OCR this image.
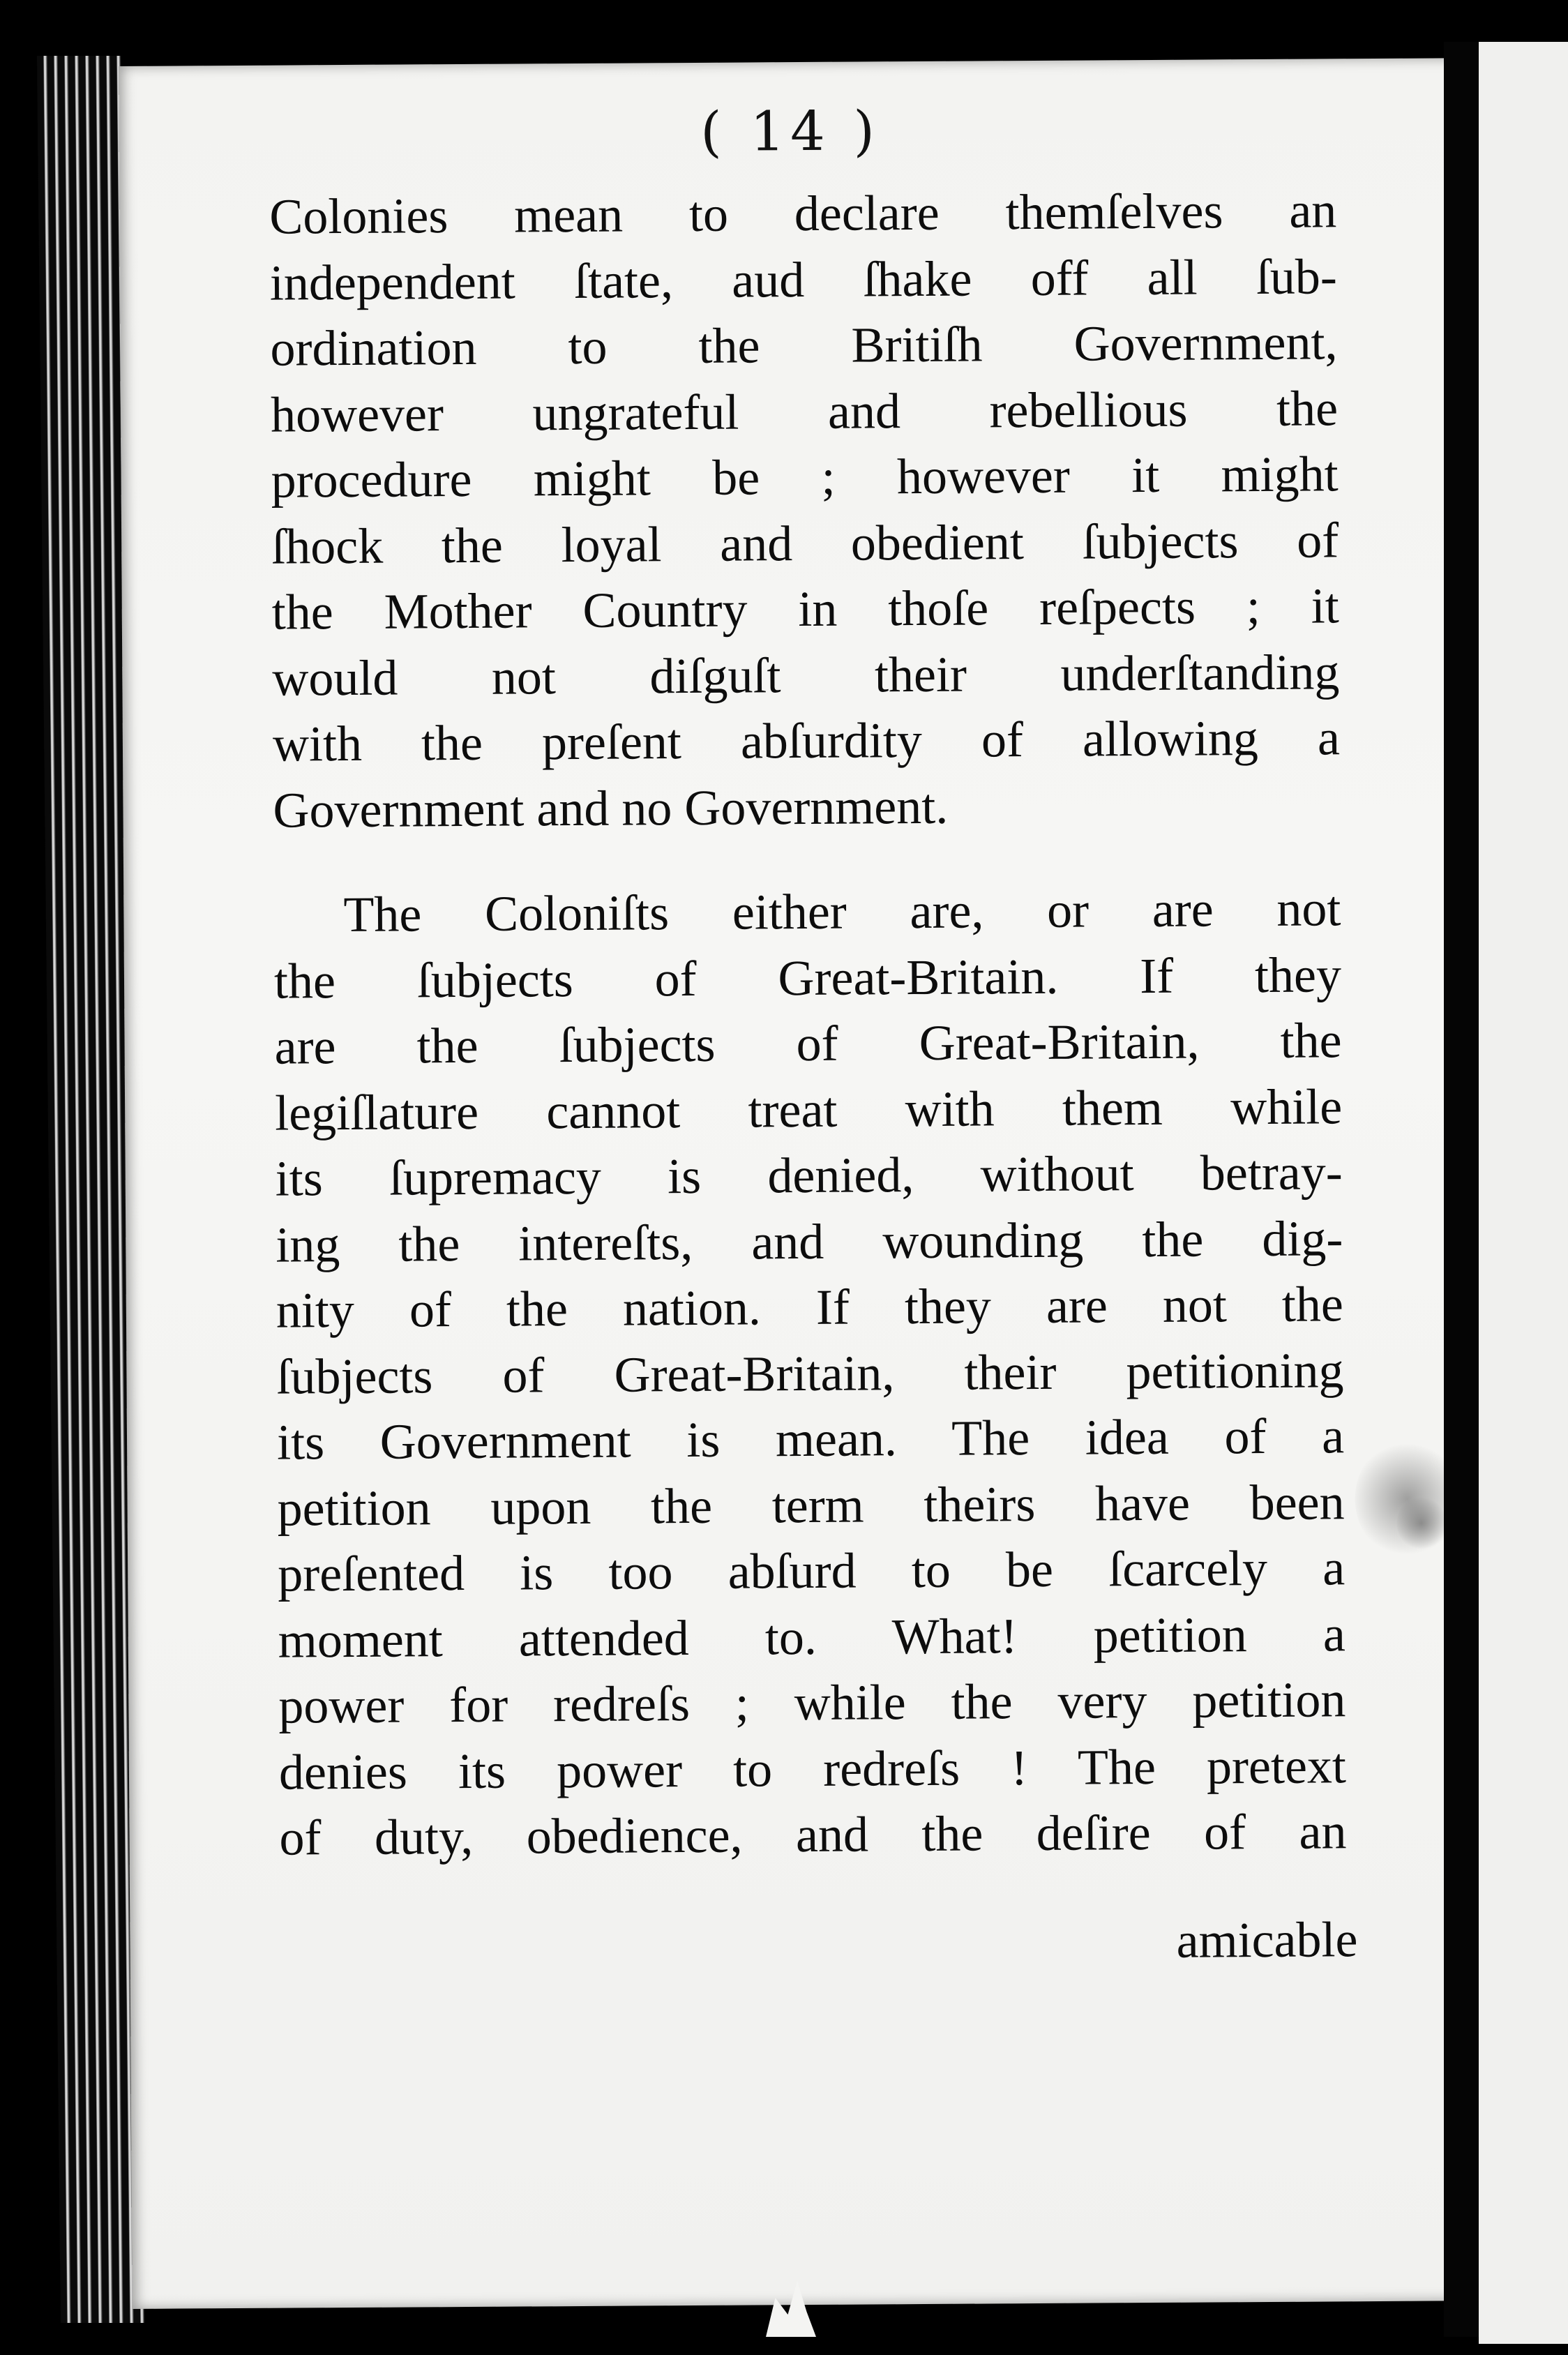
( 14 )

Colonies mean to declare themſelves an
independent ſtate, aud ſhake off all ſub-
ordination to the Britiſh Government,
however ungrateful and rebellious the
procedure might be ; however it might
ſhock the loyal and obedient ſubjects of
the Mother Country in thoſe reſpects ; it
would not diſguſt their underſtanding
with the preſent abſurdity of allowing a
Government and no Government.

The Coloniſts either are, or are not
the ſubjects of Great-Britain. If they
are the ſubjects of Great-Britain, the
legiſlature cannot treat with them while
its ſupremacy is denied, without betray-
ing the intereſts, and wounding the dig-
nity of the nation. If they are not the
ſubjects of Great-Britain, their petitioning
its Government is mean. The idea of a
petition upon the term theirs have been
preſented is too abſurd to be ſcarcely a
moment attended to. What! petition a
power for redreſs ; while the very petition
denies its power to redreſs ! The pretext
of duty, obedience, and the deſire of an

amicable
